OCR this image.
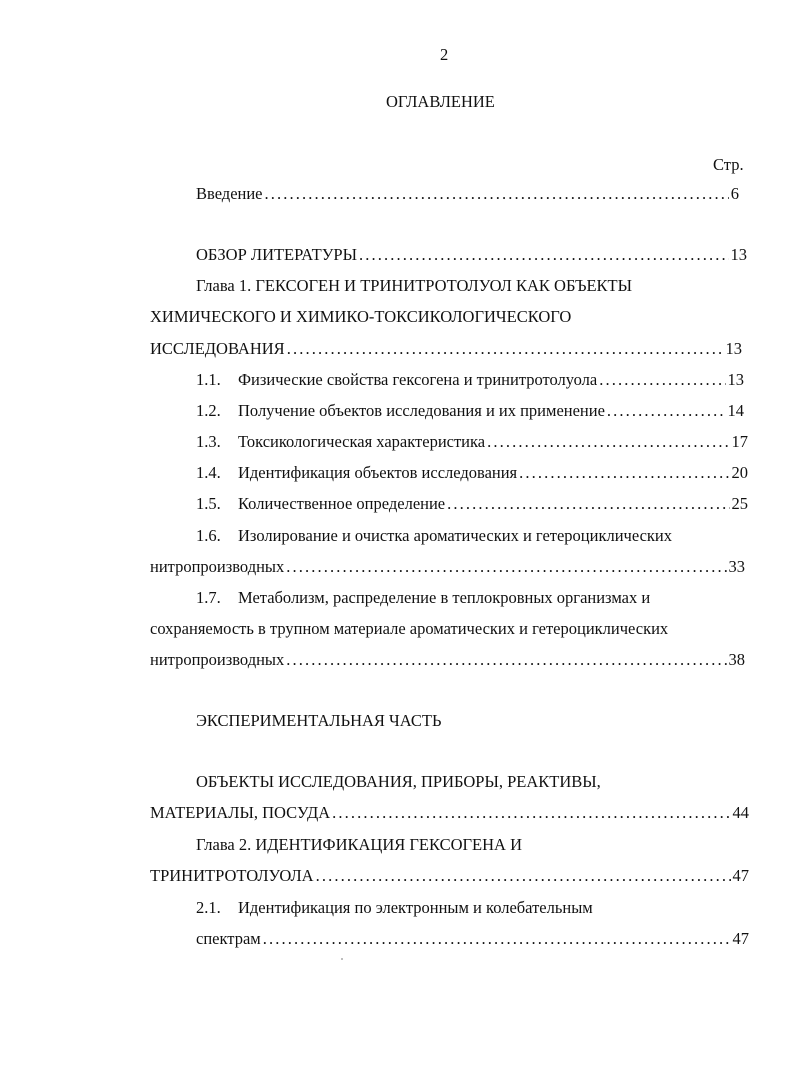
2
ОГЛАВЛЕНИЕ
Стр.
Введение . . .	6
ОБЗОР ЛИТЕРАТУРЫ . . .	13
Глава 1. ГЕКСОГЕН И ТРИНИТРОТОЛУОЛ КАК ОБЪЕКТЫ
ХИМИЧЕСКОГО И ХИМИКО-ТОКСИКОЛОГИЧЕСКОГО
ИССЛЕДОВАНИЯ . . .	13
1.1. Физические свойства гексогена и тринитротолуола . . .	13
1.2. Получение объектов исследования и их применение . . .	14
1.3. Токсикологическая характеристика . . .	17
1.4. Идентификация объектов исследования . . .	20
1.5. Количественное определение . . .	25
1.6. Изолирование и очистка ароматических и гетероциклических
нитропроизводных . . .	33
1.7. Метаболизм, распределение в теплокровных организмах и
сохраняемость в трупном материале ароматических и гетероциклических
нитропроизводных . . .	38
ЭКСПЕРИМЕНТАЛЬНАЯ ЧАСТЬ
ОБЪЕКТЫ ИССЛЕДОВАНИЯ, ПРИБОРЫ, РЕАКТИВЫ,
МАТЕРИАЛЫ, ПОСУДА . . .	44
Глава 2. ИДЕНТИФИКАЦИЯ ГЕКСОГЕНА И
ТРИНИТРОТОЛУОЛА . . .	47
2.1. Идентификация по электронным и колебательным
спектрам . . .	47
